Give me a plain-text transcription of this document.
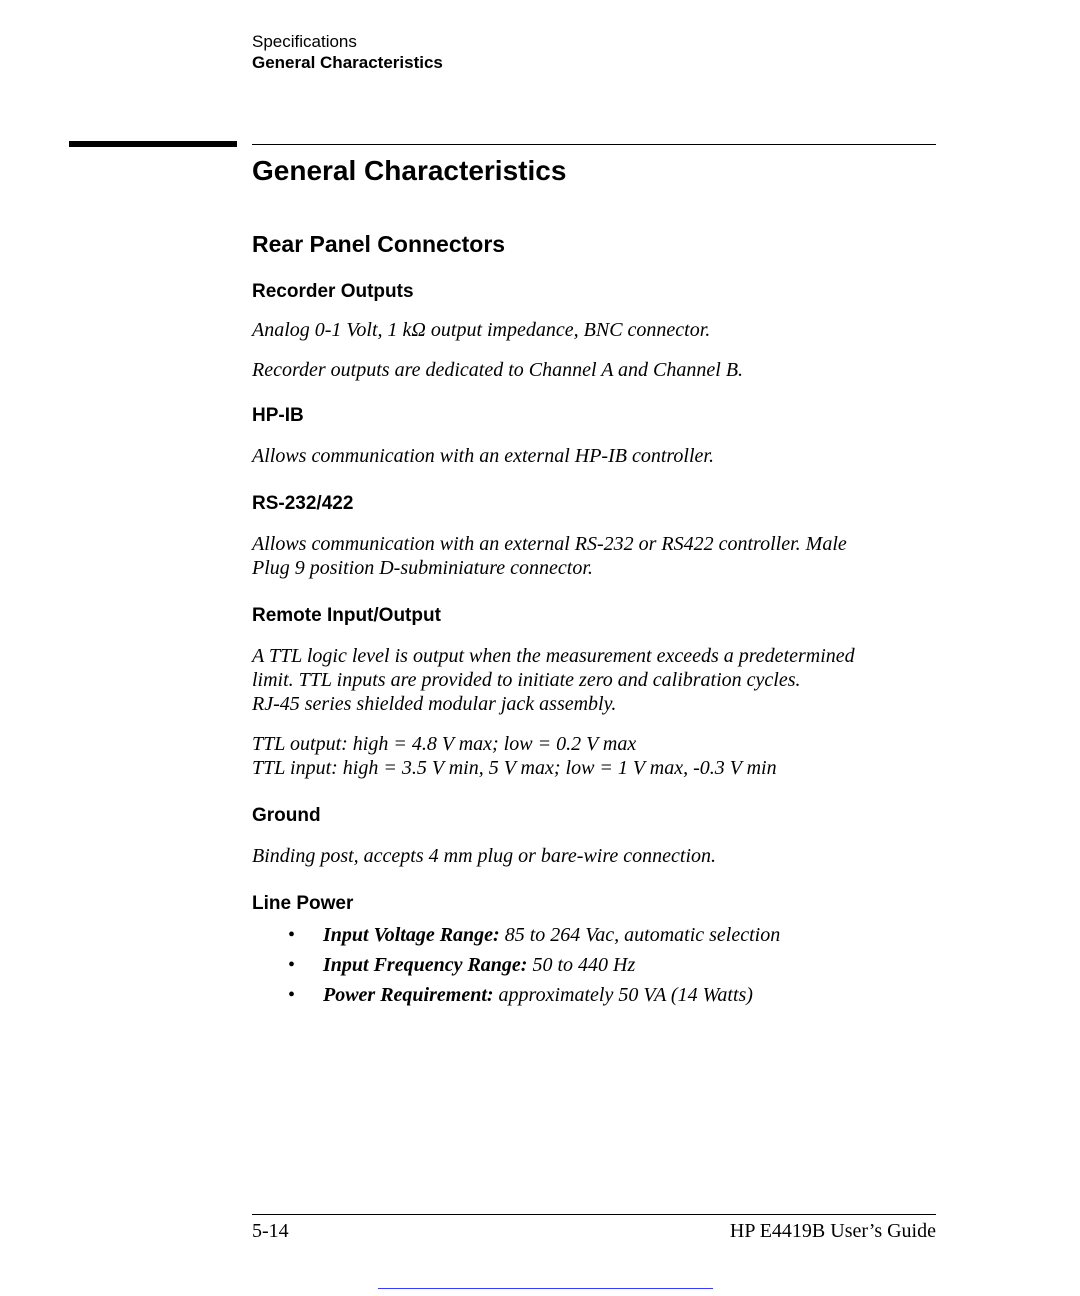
Specifications
General Characteristics
General Characteristics
Rear Panel Connectors
Recorder Outputs

Analog 0-1 Volt, 1 kΩ output impedance, BNC connector.

Recorder outputs are dedicated to Channel A and Channel B.

HP-IB

Allows communication with an external HP-IB controller.

RS-232/422

Allows communication with an external RS-232 or RS422 controller. Male

Plug 9 position D-subminiature connector.

Remote Input/Output

A TTL logic level is output when the measurement exceeds a predetermined

limit. TTL inputs are provided to initiate zero and calibration cycles.

RJ-45 series shielded modular jack assembly.

TTL output: high = 4.8 V max; low = 0.2 V max

TTL input: high = 3.5 V min, 5 V max; low = 1 V max, -0.3 V min

Ground

Binding post, accepts 4 mm plug or bare-wire connection.

Line Power
• Input Voltage Range: 85 to 264 Vac, automatic selection
• Input Frequency Range: 50 to 440 Hz
• Power Requirement: approximately 50 VA (14 Watts)
5-14	HP E4419B User’s Guide
